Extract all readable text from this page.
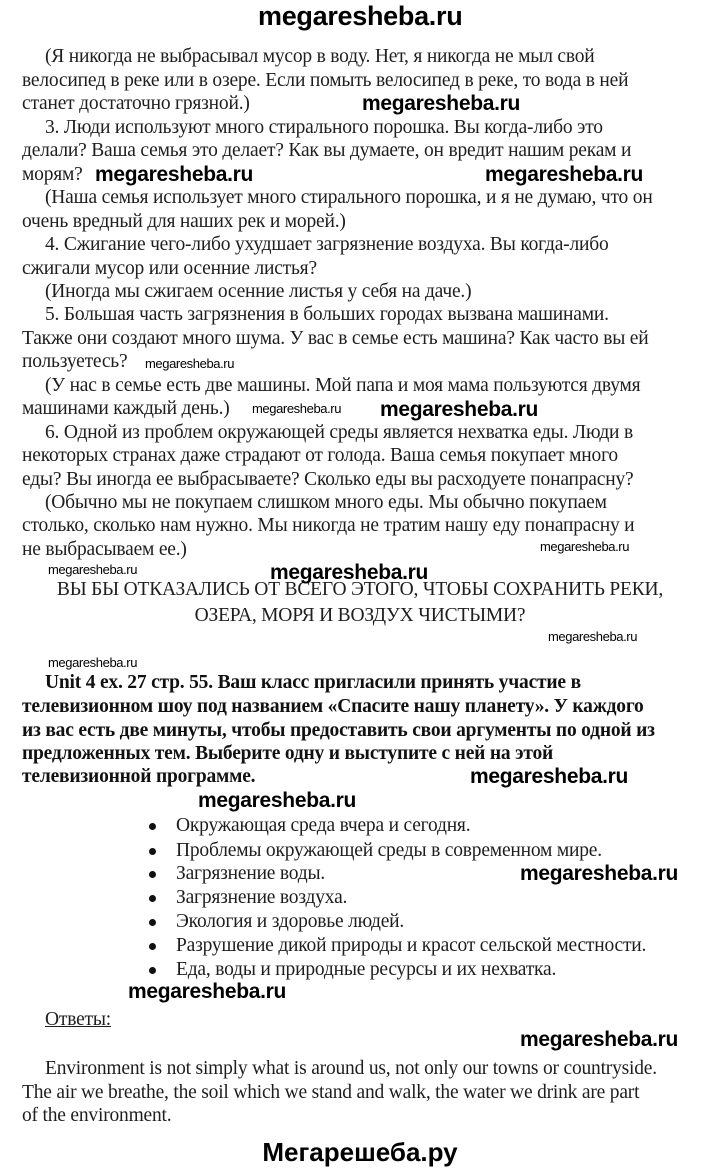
(Я никогда не выбрасывал мусор в воду. Нет, я никогда не мыл свой
велосипед в реке или в озере. Если помыть велосипед в реке, то вода в ней
станет достаточно грязной.)
3. Люди используют много стирального порошка. Вы когда-либо это
делали? Ваша семья это делает? Как вы думаете, он вредит нашим рекам и
морям?
(Наша семья использует много стирального порошка, и я не думаю, что он
очень вредный для наших рек и морей.)
4. Сжигание чего-либо ухудшает загрязнение воздуха. Вы когда-либо
сжигали мусор или осенние листья?
(Иногда мы сжигаем осенние листья у себя на даче.)
5. Большая часть загрязнения в больших городах вызвана машинами.
Также они создают много шума. У вас в семье есть машина? Как часто вы ей
пользуетесь?
(У нас в семье есть две машины. Мой папа и моя мама пользуются двумя
машинами каждый день.)
6. Одной из проблем окружающей среды является нехватка еды. Люди в
некоторых странах даже страдают от голода. Ваша семья покупает много
еды? Вы иногда ее выбрасываете? Сколько еды вы расходуете понапрасну?
(Обычно мы не покупаем слишком много еды. Мы обычно покупаем
столько, сколько нам нужно. Мы никогда не тратим нашу еду понапрасну и
не выбрасываем ее.)
ВЫ БЫ ОТКАЗАЛИСЬ ОТ ВСЕГО ЭТОГО, ЧТОБЫ СОХРАНИТЬ РЕКИ,
ОЗЕРА, МОРЯ И ВОЗДУХ ЧИСТЫМИ?
Unit 4 ex. 27 стр. 55. Ваш класс пригласили принять участие в
телевизионном шоу под названием «Спасите нашу планету». У каждого
из вас есть две минуты, чтобы предоставить свои аргументы по одной из
предложенных тем. Выберите одну и выступите с ней на этой
телевизионной программе.
Окружающая среда вчера и сегодня.
Проблемы окружающей среды в современном мире.
Загрязнение воды.
Загрязнение воздуха.
Экология и здоровье людей.
Разрушение дикой природы и красот сельской местности.
Еда, воды и природные ресурсы и их нехватка.
Ответы:
Environment is not simply what is around us, not only our towns or countryside.
The air we breathe, the soil which we stand and walk, the water we drink are part
of the environment.
megaresheba.ru
megaresheba.ru
megaresheba.ru	megaresheba.ru
megaresheba.ru
megaresheba.ru
megaresheba.ru
megaresheba.ru
megaresheba.ru
megaresheba.ru
megaresheba.ru
megaresheba.ru
megaresheba.ru
megaresheba.ru
megaresheba.ru
megaresheba.ru
megaresheba.ru
Мегарешеба.ру
